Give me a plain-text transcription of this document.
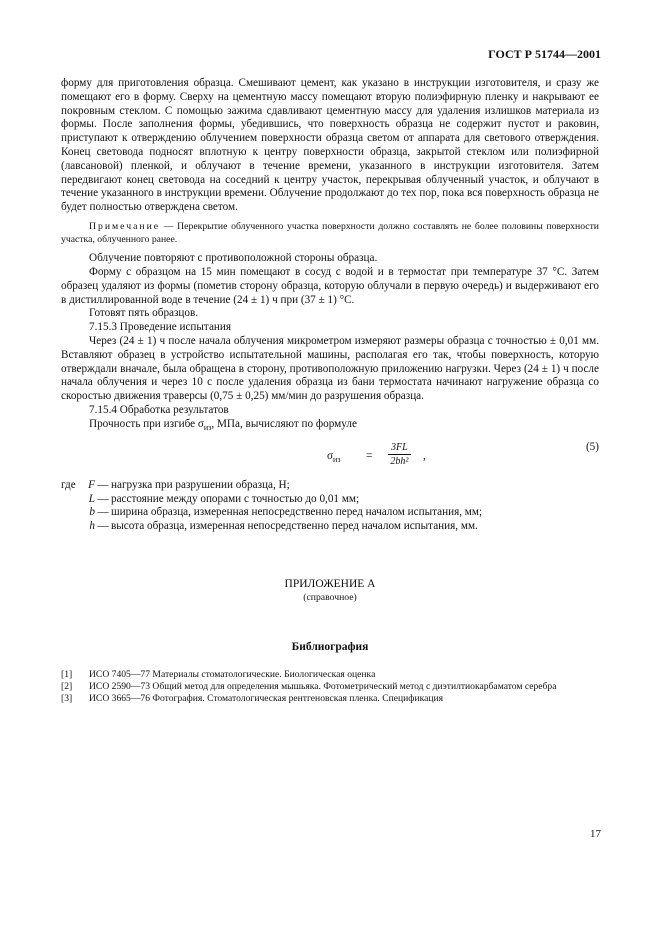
ГОСТ Р 51744—2001

форму для приготовления образца. Смешивают цемент, как указано в инструкции изготовителя, и сразу же помещают его в форму. Сверху на цементную массу помещают вторую полиэфирную пленку и накрывают ее покровным стеклом. С помощью зажима сдавливают цементную массу для удаления излишков материала из формы. После заполнения формы, убедившись, что поверхность образца не содержит пустот и раковин, приступают к отверждению облучением поверхности образца светом от аппарата для светового отверждения. Конец световода подносят вплотную к центру поверхности образца, закрытой стеклом или полиэфирной (лавсановой) пленкой, и облучают в течение времени, указанного в инструкции изготовителя. Затем передвигают конец световода на соседний к центру участок, перекрывая облученный участок, и облучают в течение указанного в инструкции времени. Облучение продолжают до тех пор, пока вся поверхность образца не будет полностью отверждена светом.

Примечание — Перекрытие облученного участка поверхности должно составлять не более половины поверхности участка, облученного ранее.

Облучение повторяют с противоположной стороны образца.

Форму с образцом на 15 мин помещают в сосуд с водой и в термостат при температуре 37 °С. Затем образец удаляют из формы (пометив сторону образца, которую облучали в первую очередь) и выдерживают его в дистиллированной воде в течение (24 ± 1) ч при (37 ± 1) °С.

Готовят пять образцов.

7.15.3 Проведение испытания

Через (24 ± 1) ч после начала облучения микрометром измеряют размеры образца с точностью ± 0,01 мм. Вставляют образец в устройство испытательной машины, располагая его так, чтобы поверхность, которую отверждали вначале, была обращена в сторону, противоположную приложению нагрузки. Через (24 ± 1) ч после начала облучения и через 10 с после удаления образца из бани термостата начинают нагружение образца со скоростью движения траверсы (0,75 ± 0,25) мм/мин до разрушения образца.

7.15.4 Обработка результатов

Прочность при изгибе $\sigma_{из}$, МПа, вычисляют по формуле

$\sigma_{из} = \frac{3FL}{\text{2bh²}}$ ,
(5)
где	F — нагрузка при разрушении образца, Н;
L — расстояние между опорами с точностью до 0,01 мм;
b — ширина образца, измеренная непосредственно перед началом испытания, мм;
h — высота образца, измеренная непосредственно перед началом испытания, мм.
ПРИЛОЖЕНИЕ А
(справочное)
Библиография
[1]	ИСО 7405—77 Материалы стоматологические. Биологическая оценка
[2]	ИСО 2590—73 Общий метод для определения мышьяка. Фотометрический метод с диэтилтиокарбаматом серебра
[3]	ИСО 3665—76 Фотография. Стоматологическая рентгеновская пленка. Спецификация
17
